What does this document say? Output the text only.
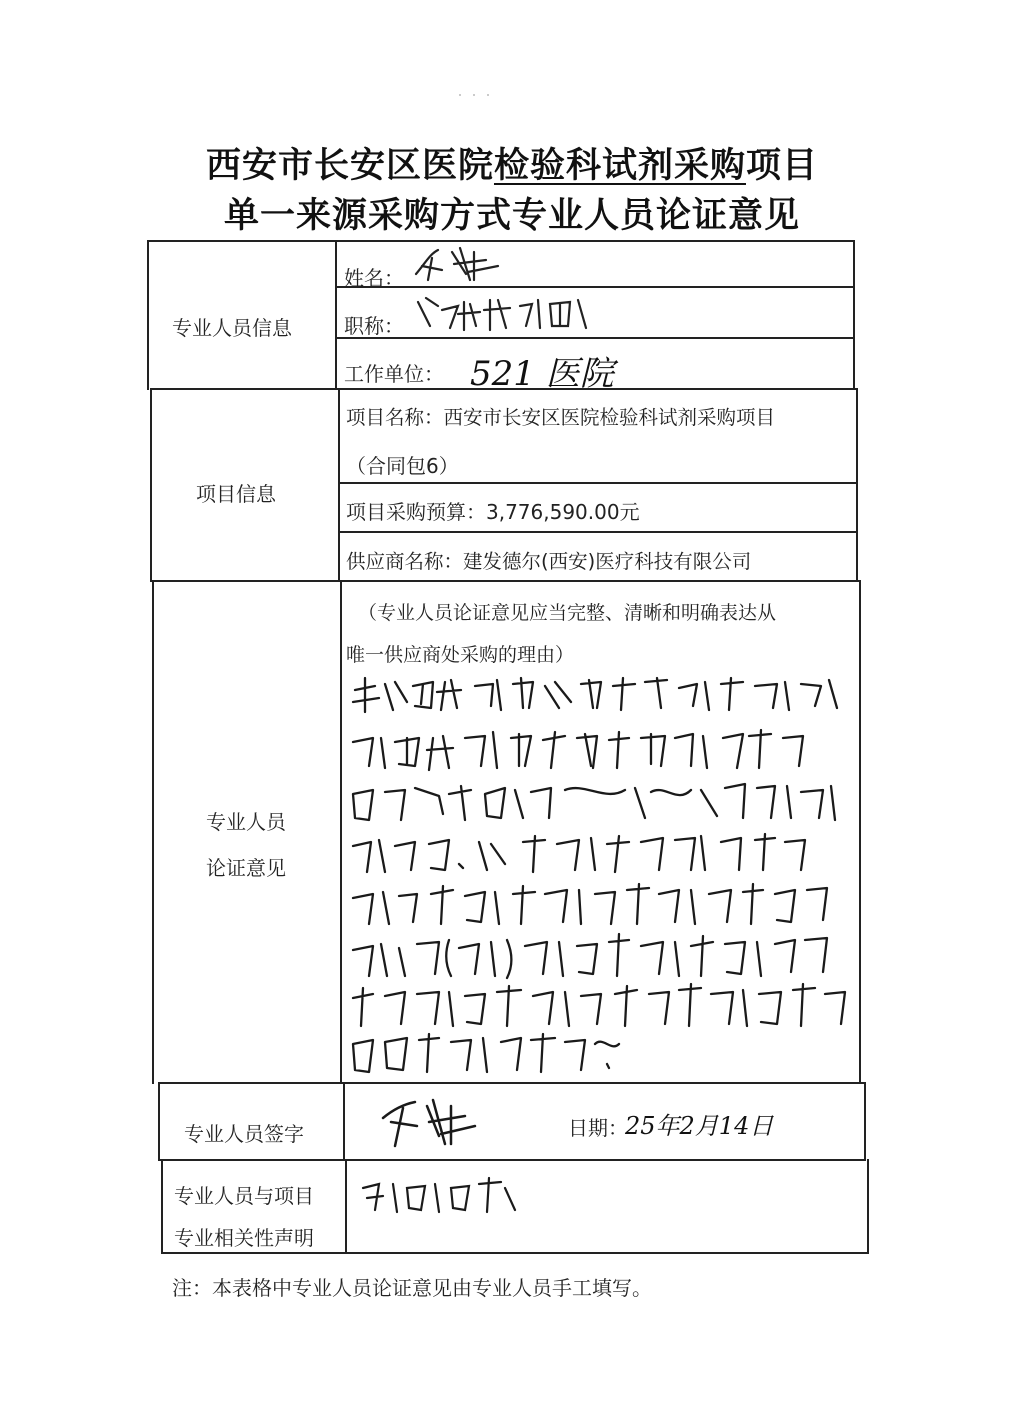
西安市长安区医院检验科试剂采购项目
单一来源采购方式专业人员论证意见
专业人员信息
姓名：
职称：
工作单位： 521 医院
项目信息
项目名称：西安市长安区医院检验科试剂采购项目
（合同包6）
项目采购预算：3,776,590.00元
供应商名称：建发德尔(西安)医疗科技有限公司
专业人员
论证意见
（专业人员论证意见应当完整、清晰和明确表达从
唯一供应商处采购的理由）
专业人员签字	日期：
25年2月14日
专业人员与项目
专业相关性声明
注：本表格中专业人员论证意见由专业人员手工填写。
